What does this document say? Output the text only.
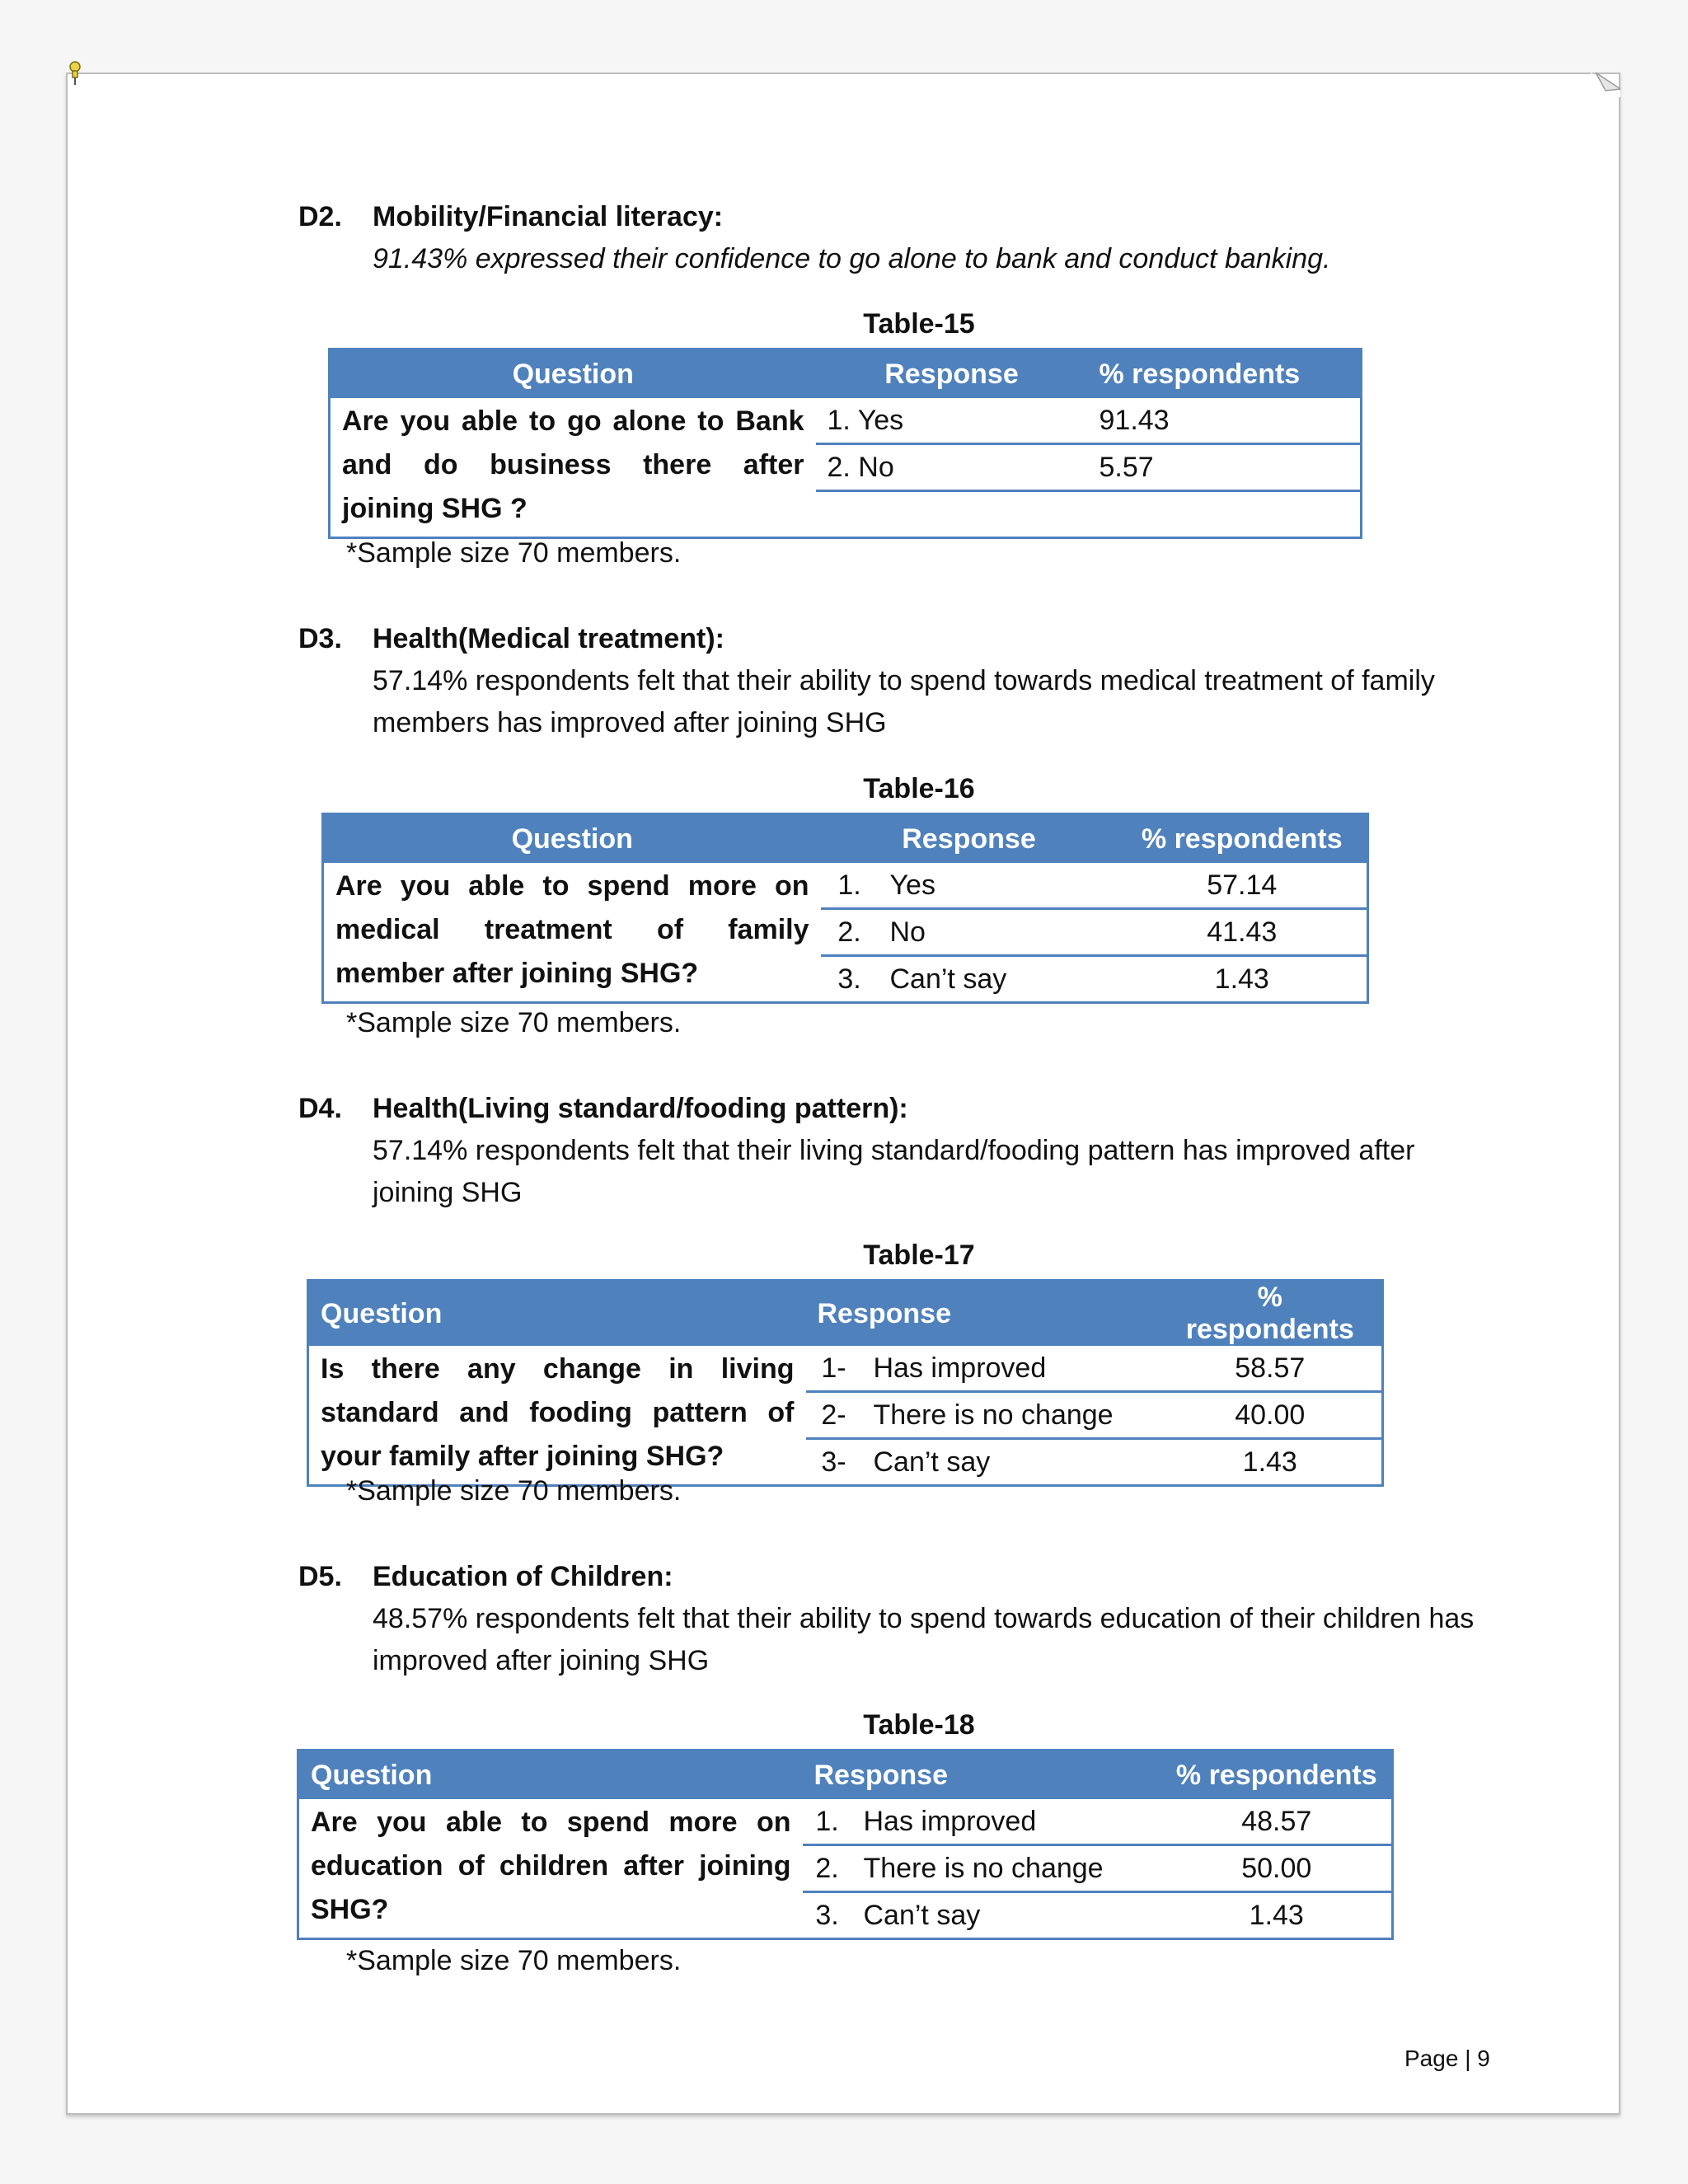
D2. Mobility/Financial literacy:
91.43% expressed their confidence to go alone to bank and conduct banking.
Table-15
Question	Response	% respondents
Are you able to go alone to Bank and do business there after joining SHG ?	1. Yes	91.43
	2. No	5.57

*Sample size 70 members.
D3. Health(Medical treatment):
57.14% respondents felt that their ability to spend towards medical treatment of family members has improved after joining SHG
Table-16
Question	Response		% respondents
Are you able to spend more on medical treatment of family member after joining SHG?	1.	Yes	57.14
	2.	No	41.43
	3.	Can’t say	1.43
*Sample size 70 members.
D4. Health(Living standard/fooding pattern):
57.14% respondents felt that their living standard/fooding pattern has improved after joining SHG
Table-17
Question	Response		% respondents
Is there any change in living standard and fooding pattern of your family after joining SHG?	1-	Has improved	58.57
	2-	There is no change	40.00
	3-	Can’t say	1.43
*Sample size 70 members.
D5. Education of Children:
48.57% respondents felt that their ability to spend towards education of their children has improved after joining SHG
Table-18
Question	Response		% respondents
Are you able to spend more on education of children after joining SHG?	1.	Has improved	48.57
	2.	There is no change	50.00
	3.	Can’t say	1.43
*Sample size 70 members.
Page | 9
